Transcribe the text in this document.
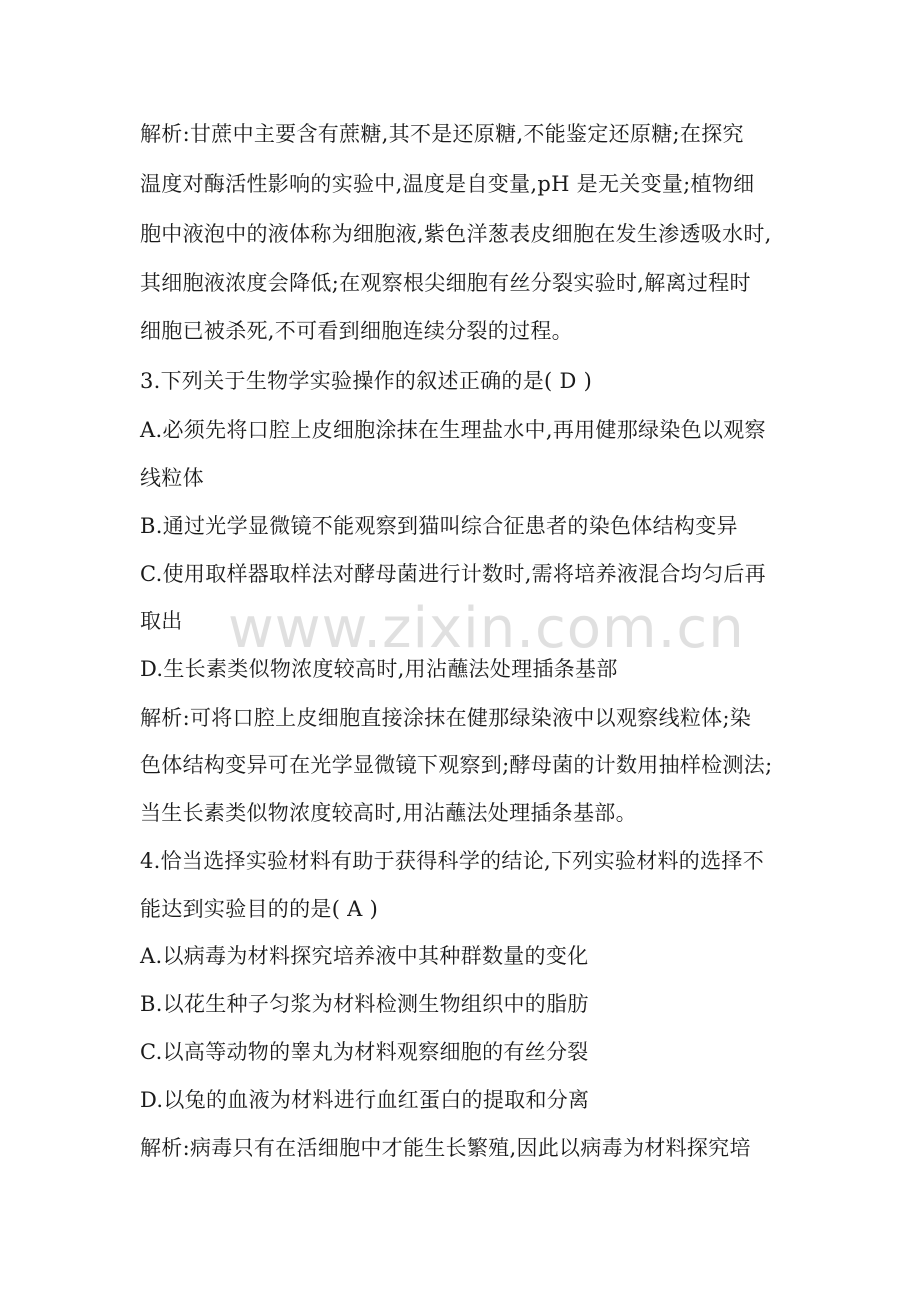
解析:甘蔗中主要含有蔗糖,其不是还原糖,不能鉴定还原糖;在探究
温度对酶活性影响的实验中,温度是自变量,pH 是无关变量;植物细
胞中液泡中的液体称为细胞液,紫色洋葱表皮细胞在发生渗透吸水时,
其细胞液浓度会降低;在观察根尖细胞有丝分裂实验时,解离过程时
细胞已被杀死,不可看到细胞连续分裂的过程。
3.下列关于生物学实验操作的叙述正确的是( D )
A.必须先将口腔上皮细胞涂抹在生理盐水中,再用健那绿染色以观察
线粒体
B.通过光学显微镜不能观察到猫叫综合征患者的染色体结构变异
C.使用取样器取样法对酵母菌进行计数时,需将培养液混合均匀后再
取出
D.生长素类似物浓度较高时,用沾蘸法处理插条基部
解析:可将口腔上皮细胞直接涂抹在健那绿染液中以观察线粒体;染
色体结构变异可在光学显微镜下观察到;酵母菌的计数用抽样检测法;
当生长素类似物浓度较高时,用沾蘸法处理插条基部。
4.恰当选择实验材料有助于获得科学的结论,下列实验材料的选择不
能达到实验目的的是( A )
A.以病毒为材料探究培养液中其种群数量的变化
B.以花生种子匀浆为材料检测生物组织中的脂肪
C.以高等动物的睾丸为材料观察细胞的有丝分裂
D.以兔的血液为材料进行血红蛋白的提取和分离
解析:病毒只有在活细胞中才能生长繁殖,因此以病毒为材料探究培
www.zixin.com.cn
